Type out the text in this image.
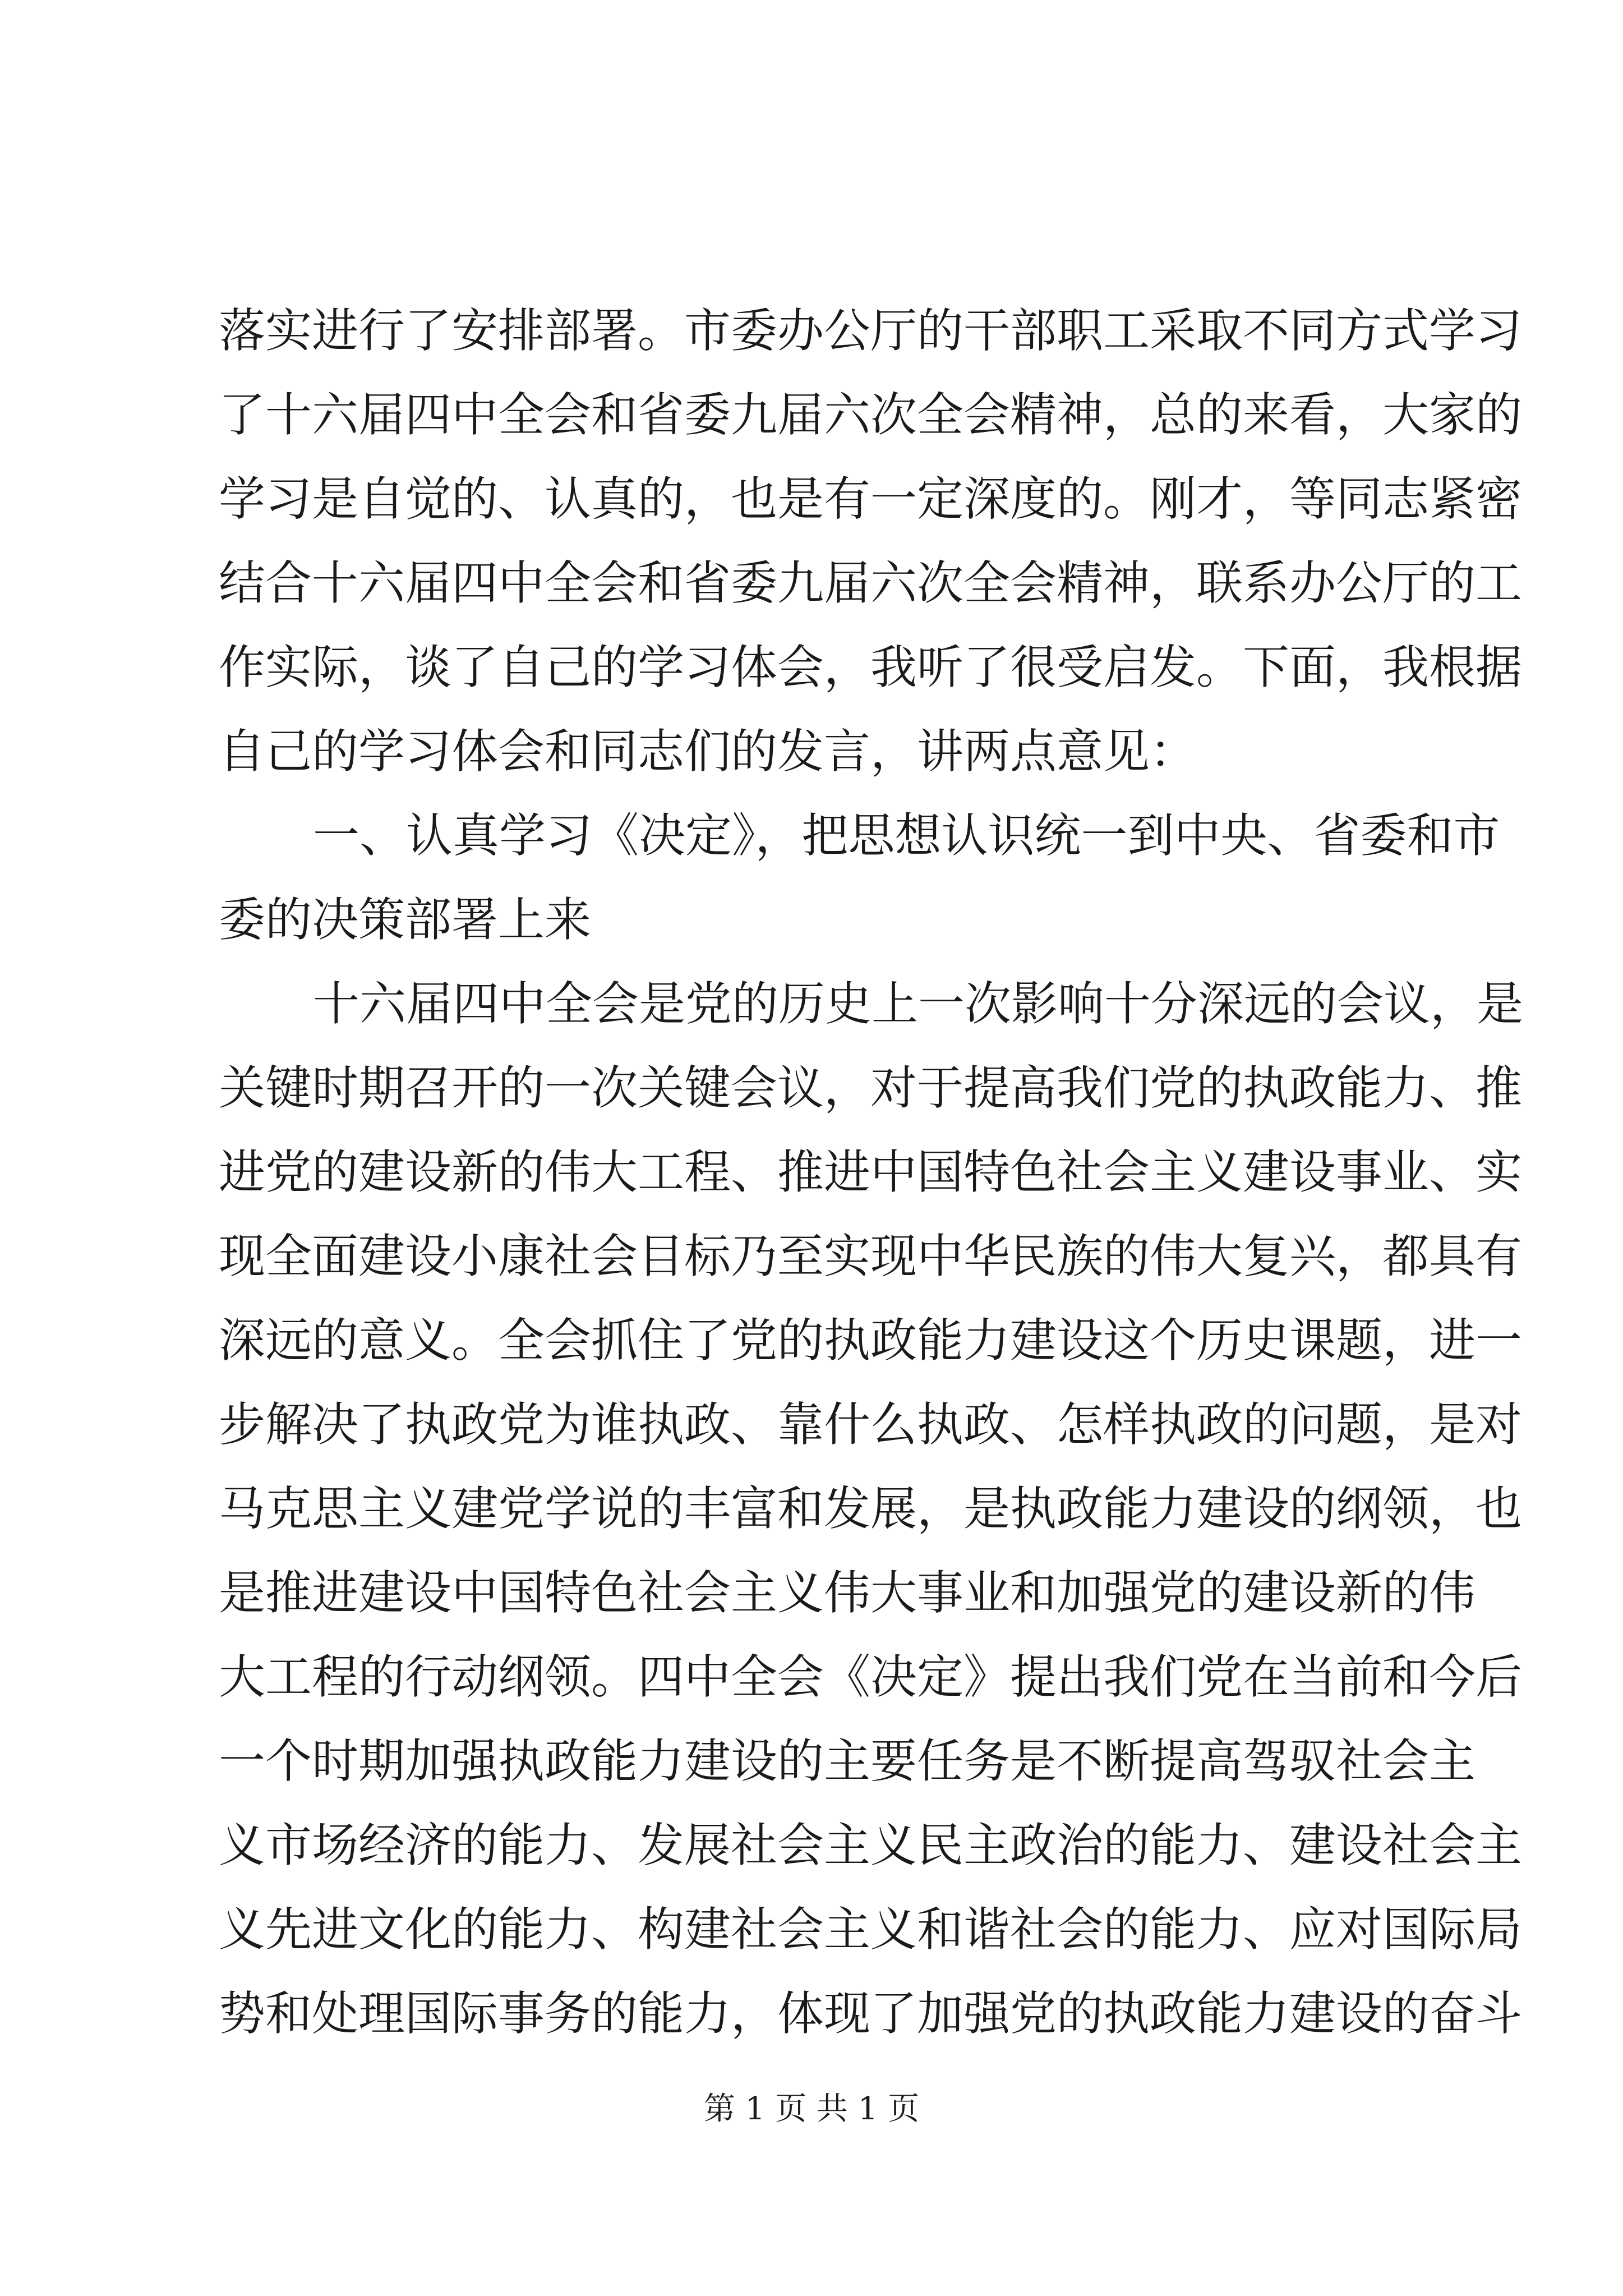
落实进行了安排部署。市委办公厅的干部职工采取不同方式学习
了十六届四中全会和省委九届六次全会精神，总的来看，大家的
学习是自觉的、认真的，也是有一定深度的。刚才，等同志紧密
结合十六届四中全会和省委九届六次全会精神，联系办公厅的工
作实际，谈了自己的学习体会，我听了很受启发。下面，我根据
自己的学习体会和同志们的发言，讲两点意见：
一、认真学习《决定》，把思想认识统一到中央、省委和市
委的决策部署上来
十六届四中全会是党的历史上一次影响十分深远的会议，是
关键时期召开的一次关键会议，对于提高我们党的执政能力、推
进党的建设新的伟大工程、推进中国特色社会主义建设事业、实
现全面建设小康社会目标乃至实现中华民族的伟大复兴，都具有
深远的意义。全会抓住了党的执政能力建设这个历史课题，进一
步解决了执政党为谁执政、靠什么执政、怎样执政的问题，是对
马克思主义建党学说的丰富和发展，是执政能力建设的纲领，也
是推进建设中国特色社会主义伟大事业和加强党的建设新的伟
大工程的行动纲领。四中全会《决定》提出我们党在当前和今后
一个时期加强执政能力建设的主要任务是不断提高驾驭社会主
义市场经济的能力、发展社会主义民主政治的能力、建设社会主
义先进文化的能力、构建社会主义和谐社会的能力、应对国际局
势和处理国际事务的能力，体现了加强党的执政能力建设的奋斗
第 1 页 共 1 页
